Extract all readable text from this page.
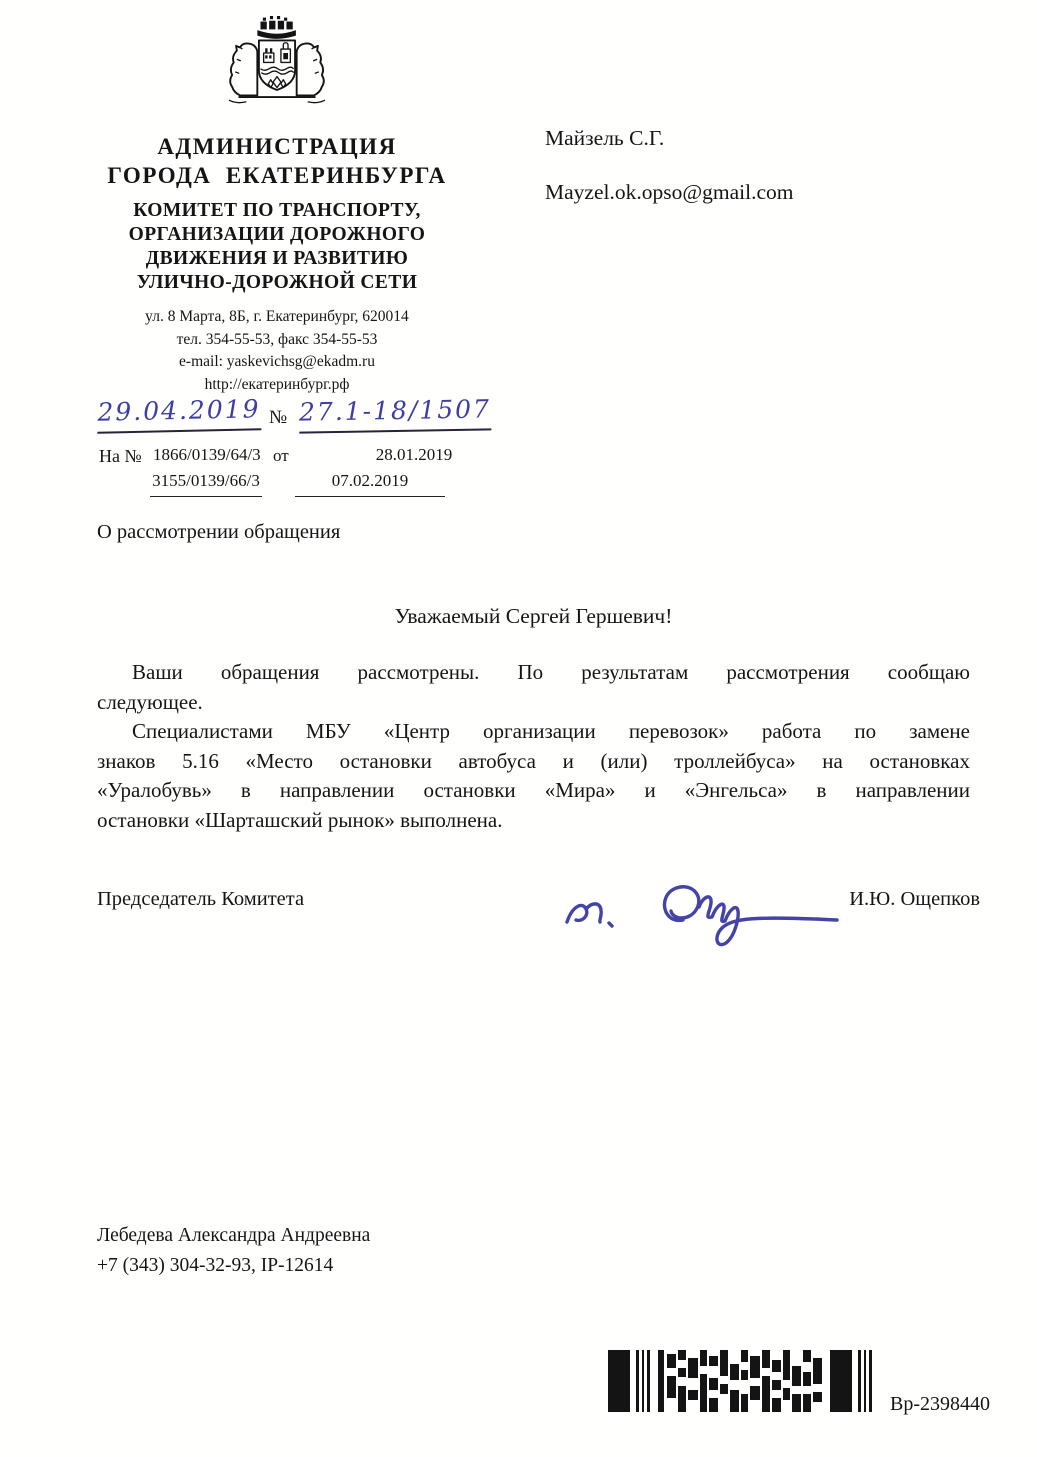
АДМИНИСТРАЦИЯ
ГОРОДА  ЕКАТЕРИНБУРГА
КОМИТЕТ ПО ТРАНСПОРТУ,
ОРГАНИЗАЦИИ ДОРОЖНОГО
ДВИЖЕНИЯ И РАЗВИТИЮ
УЛИЧНО-ДОРОЖНОЙ СЕТИ
ул. 8 Марта, 8Б, г. Екатеринбург, 620014
тел. 354-55-53, факс 354-55-53
e-mail: yaskevichsg@ekadm.ru
http://екатеринбург.рф
Майзель С.Г.
Mayzel.ok.opso@gmail.com
29.04.2019 № 27.1-18/1507
На № 1866/0139/64/3 от	28.01.2019
3155/0139/66/3	07.02.2019
О рассмотрении обращения
Уважаемый Сергей Гершевич!
Ваши обращения рассмотрены. По результатам рассмотрения сообщаю
следующее.
Специалистами МБУ «Центр организации перевозок» работа по замене
знаков 5.16 «Место остановки автобуса и (или) троллейбуса» на остановках
«Уралобувь» в направлении остановки «Мира» и «Энгельса» в направлении
остановки «Шарташский рынок» выполнена.
Председатель Комитета	И.Ю. Ощепков
Лебедева Александра Андреевна
+7 (343) 304-32-93, IP-12614
Вр-2398440
